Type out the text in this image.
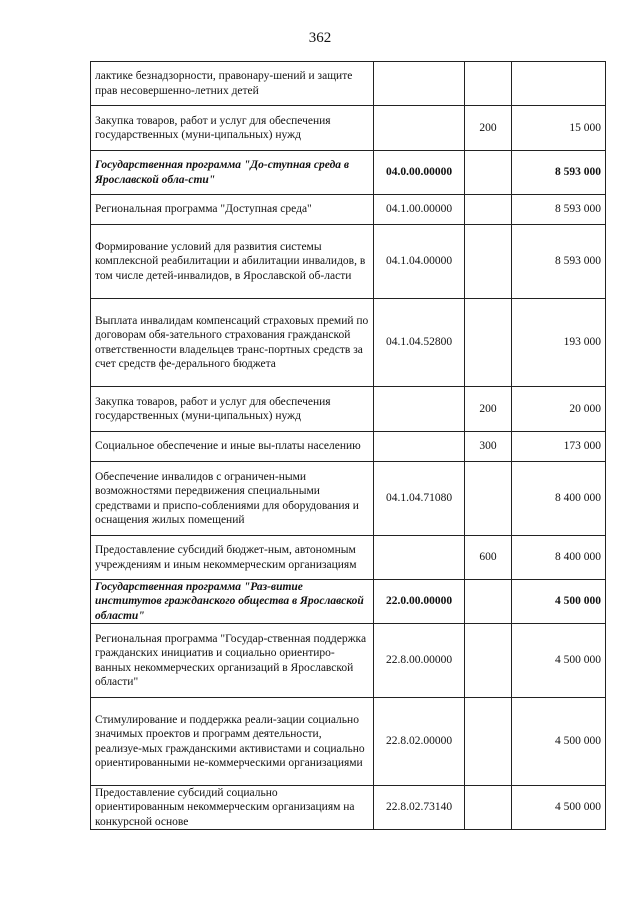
362
лактике безнадзорности, правонару-шений и защите прав несовершенно-летних детей			
Закупка товаров, работ и услуг для обеспечения государственных (муни-ципальных) нужд		200	15 000
Государственная программа "До-ступная среда в Ярославской обла-сти"	04.0.00.00000		8 593 000
Региональная программа "Доступная среда"	04.1.00.00000		8 593 000
Формирование условий для развития системы комплексной реабилитации и абилитации инвалидов, в том числе детей-инвалидов, в Ярославской об-ласти	04.1.04.00000		8 593 000
Выплата инвалидам компенсаций страховых премий по договорам обя-зательного страхования гражданской ответственности владельцев транс-портных средств за счет средств фе-дерального бюджета	04.1.04.52800		193 000
Закупка товаров, работ и услуг для обеспечения государственных (муни-ципальных) нужд		200	20 000
Социальное обеспечение и иные вы-платы населению		300	173 000
Обеспечение инвалидов с ограничен-ными возможностями передвижения специальными средствами и приспо-соблениями для оборудования и оснащения жилых помещений	04.1.04.71080		8 400 000
Предоставление субсидий бюджет-ным, автономным учреждениям и иным некоммерческим организациям		600	8 400 000
Государственная программа "Раз-витие институтов гражданского общества в Ярославской области"	22.0.00.00000		4 500 000
Региональная программа "Государ-ственная поддержка гражданских инициатив и социально ориентиро-ванных некоммерческих организаций в Ярославской области"	22.8.00.00000		4 500 000
Стимулирование и поддержка реали-зации социально значимых проектов и программ деятельности, реализуе-мых гражданскими активистами и социально ориентированными не-коммерческими организациями	22.8.02.00000		4 500 000
Предоставление субсидий социально ориентированным некоммерческим организациям на конкурсной основе	22.8.02.73140		4 500 000
